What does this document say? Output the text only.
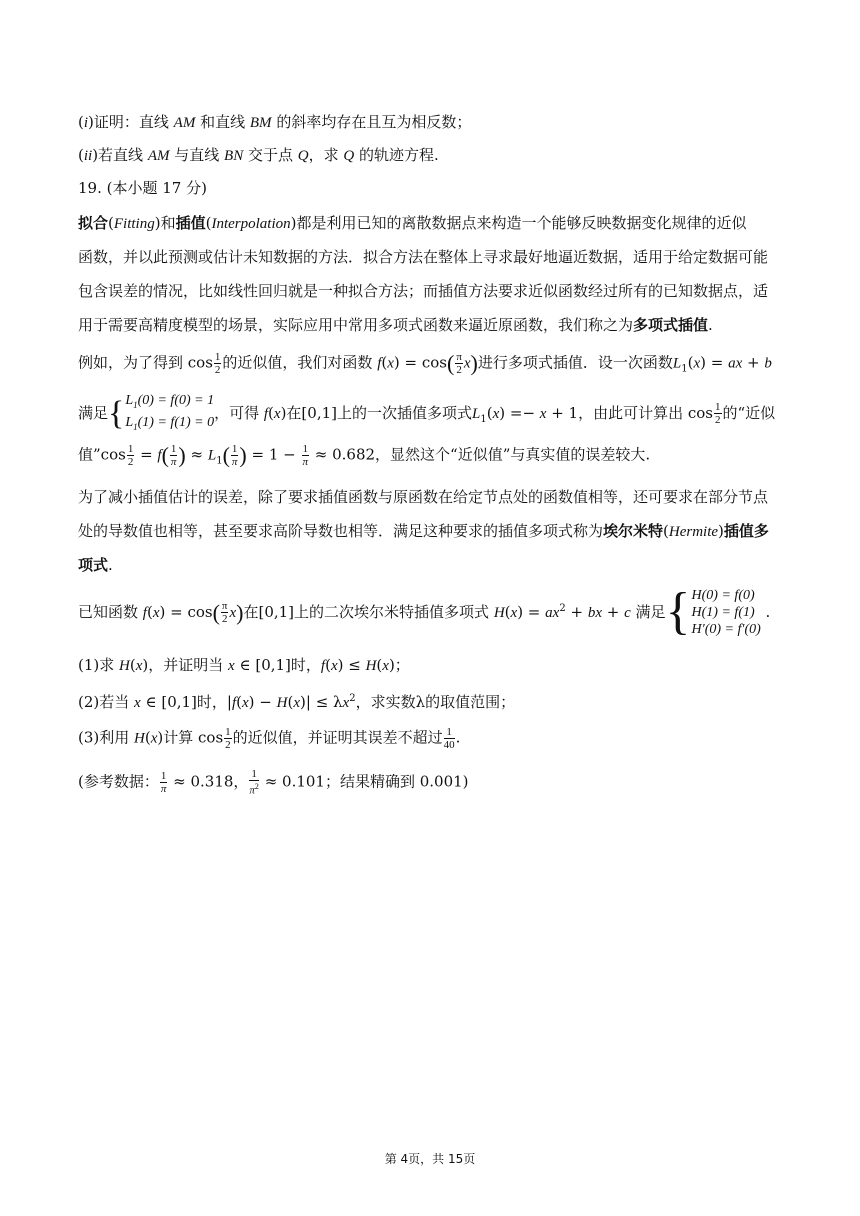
(i)证明：直线 AM 和直线 BM 的斜率均存在且互为相反数；
(ii)若直线 AM 与直线 BN 交于点 Q，求 Q 的轨迹方程.
19. (本小题 17 分)
拟合(Fitting)和插值(Interpolation)都是利用已知的离散数据点来构造一个能够反映数据变化规律的近似
函数，并以此预测或估计未知数据的方法．拟合方法在整体上寻求最好地逼近数据，适用于给定数据可能
包含误差的情况，比如线性回归就是一种拟合方法；而插值方法要求近似函数经过所有的已知数据点，适
用于需要高精度模型的场景，实际应用中常用多项式函数来逼近原函数，我们称之为多项式插值.
例如，为了得到 $\cos \frac{1}{2}$ 的近似值，我们对函数 $f(x) = \cos( \frac{\pi}{2} x)$进行多项式插值．设一次函数$L_1(x)$ = ax + b
满足 { $L_1(0) = f(0) = 1$
$L_1(1) = f(1) = 0$
，可得 f(x)在[0,1]上的一次插值多项式$L_1(x) =- x + 1$，由此可计算出 $\cos \frac{1}{2}$ 的“近似
值”cos $\frac{1}{2} = f( \frac{1}{\pi}$ ) ≈ $L_1( \frac{1}{\pi}$ ) = $1 - \frac{1}{\pi} \approx 0.682$，显然这个“近似值”与真实值的误差较大.
为了减小插值估计的误差，除了要求插值函数与原函数在给定节点处的函数值相等，还可要求在部分节点
处的导数值也相等，甚至要求高阶导数也相等．满足这种要求的插值多项式称为埃尔米特(Hermite)插值多
项式.
已知函数 $f(x) = \cos( \frac{\pi}{2} x)$在[0,1]上的二次埃尔米特插值多项式 $H(x) = ax^2$ + bx + c 满足 { H(0) = f(0)
H(1) = f(1)
H′(0) = f′(0)
.
(1)求 H(x)，并证明当 x ∈ [0,1]时，f(x) ≤ H(x)；
(2)若当 x ∈ [0,1]时，$|f(x) - H(x)| \le \lambda x^2$，求实数λ的取值范围；
(3)利用 H(x)计算 $\cos \frac{1}{2}$ 的近似值，并证明其误差不超过 $\frac{1}{40}$ .
(参考数据： $\frac{1}{\pi} \approx 0.318$， $\frac{1}{\pi^2} \approx 0.101$；结果精确到 0.001)
第 4页，共 15页
